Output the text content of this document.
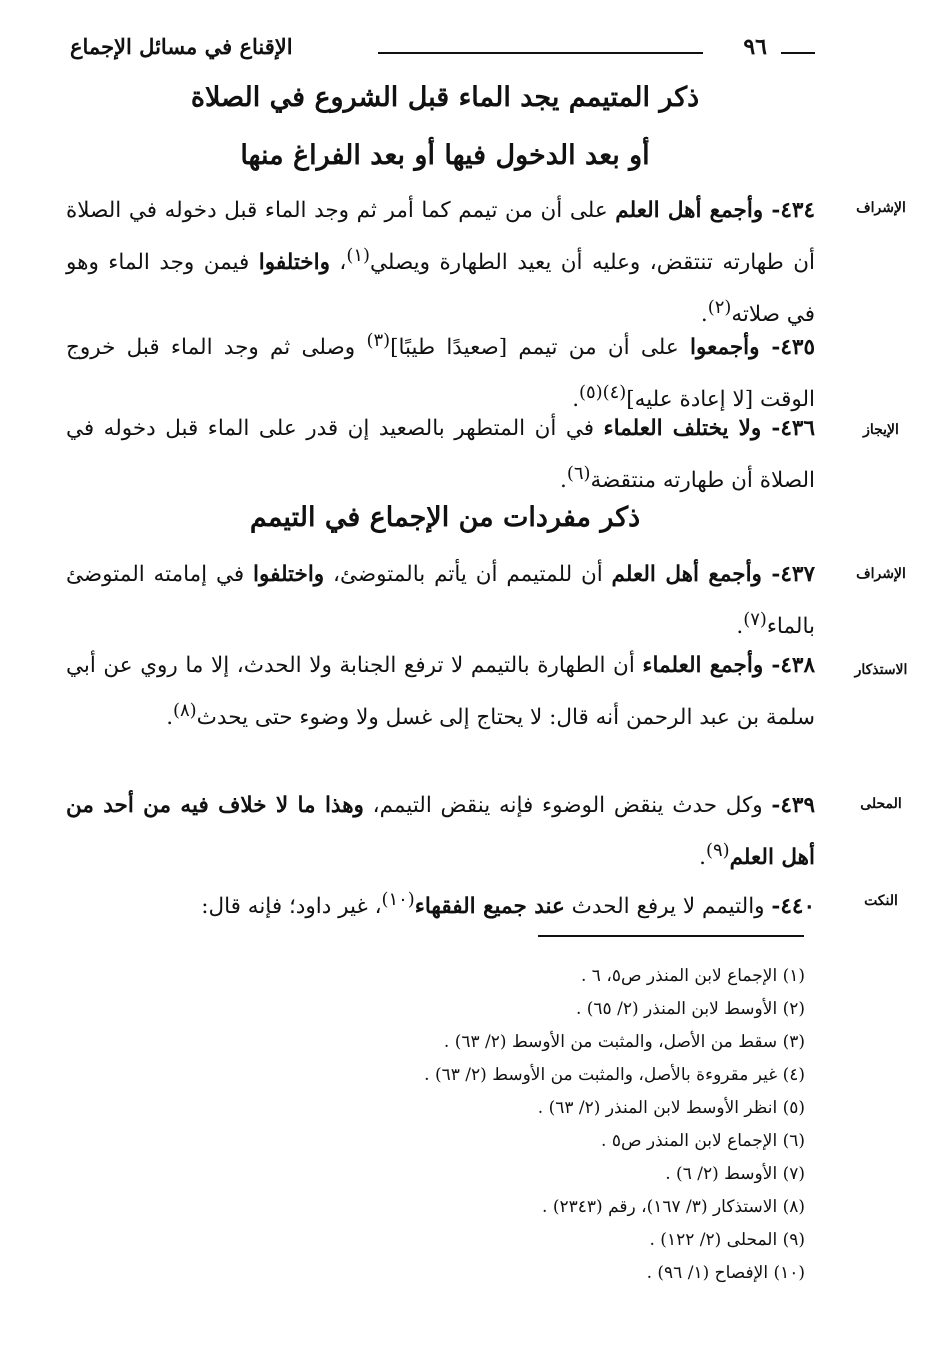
٩٦
الإقناع في مسائل الإجماع
ذكر المتيمم يجد الماء قبل الشروع في الصلاة
أو بعد الدخول فيها أو بعد الفراغ منها
الإشراف
٤٣٤- وأجمع أهل العلم على أن من تيمم كما أمر ثم وجد الماء قبل دخوله في الصلاة أن طهارته تنتقض، وعليه أن يعيد الطهارة ويصلي$^{(١)}$، واختلفوا فيمن وجد الماء وهو في صلاته$^{(٢)}$.
٤٣٥- وأجمعوا على أن من تيمم [صعيدًا طيبًا]$^{(٣)}$ وصلى ثم وجد الماء قبل خروج الوقت [لا إعادة عليه]$^{(٤)(٥)}$.
الإيجاز
٤٣٦- ولا يختلف العلماء في أن المتطهر بالصعيد إن قدر على الماء قبل دخوله في الصلاة أن طهارته منتقضة$^{(٦)}$.
ذكر مفردات من الإجماع في التيمم
الإشراف
٤٣٧- وأجمع أهل العلم أن للمتيمم أن يأتم بالمتوضئ، واختلفوا في إمامته المتوضئ بالماء$^{(٧)}$.
الاستذكار
٤٣٨- وأجمع العلماء أن الطهارة بالتيمم لا ترفع الجنابة ولا الحدث، إلا ما روي عن أبي سلمة بن عبد الرحمن أنه قال: لا يحتاج إلى غسل ولا وضوء حتى يحدث$^{(٨)}$.
المحلى
٤٣٩- وكل حدث ينقض الوضوء فإنه ينقض التيمم، وهذا ما لا خلاف فيه من أحد من أهل العلم$^{(٩)}$.
النكت
٤٤٠- والتيمم لا يرفع الحدث عند جميع الفقهاء$^{(١٠)}$، غير داود؛ فإنه قال:
(١) الإجماع لابن المنذر ص٥، ٦ .
(٢) الأوسط لابن المنذر (٢/ ٦٥) .
(٣) سقط من الأصل، والمثبت من الأوسط (٢/ ٦٣) .
(٤) غير مقروءة بالأصل، والمثبت من الأوسط (٢/ ٦٣) .
(٥) انظر الأوسط لابن المنذر (٢/ ٦٣) .
(٦) الإجماع لابن المنذر ص٥ .
(٧) الأوسط (٢/ ٦) .
(٨) الاستذكار (٣/ ١٦٧)، رقم (٢٣٤٣) .
(٩) المحلى (٢/ ١٢٢) .
(١٠) الإفصاح (١/ ٩٦) .
